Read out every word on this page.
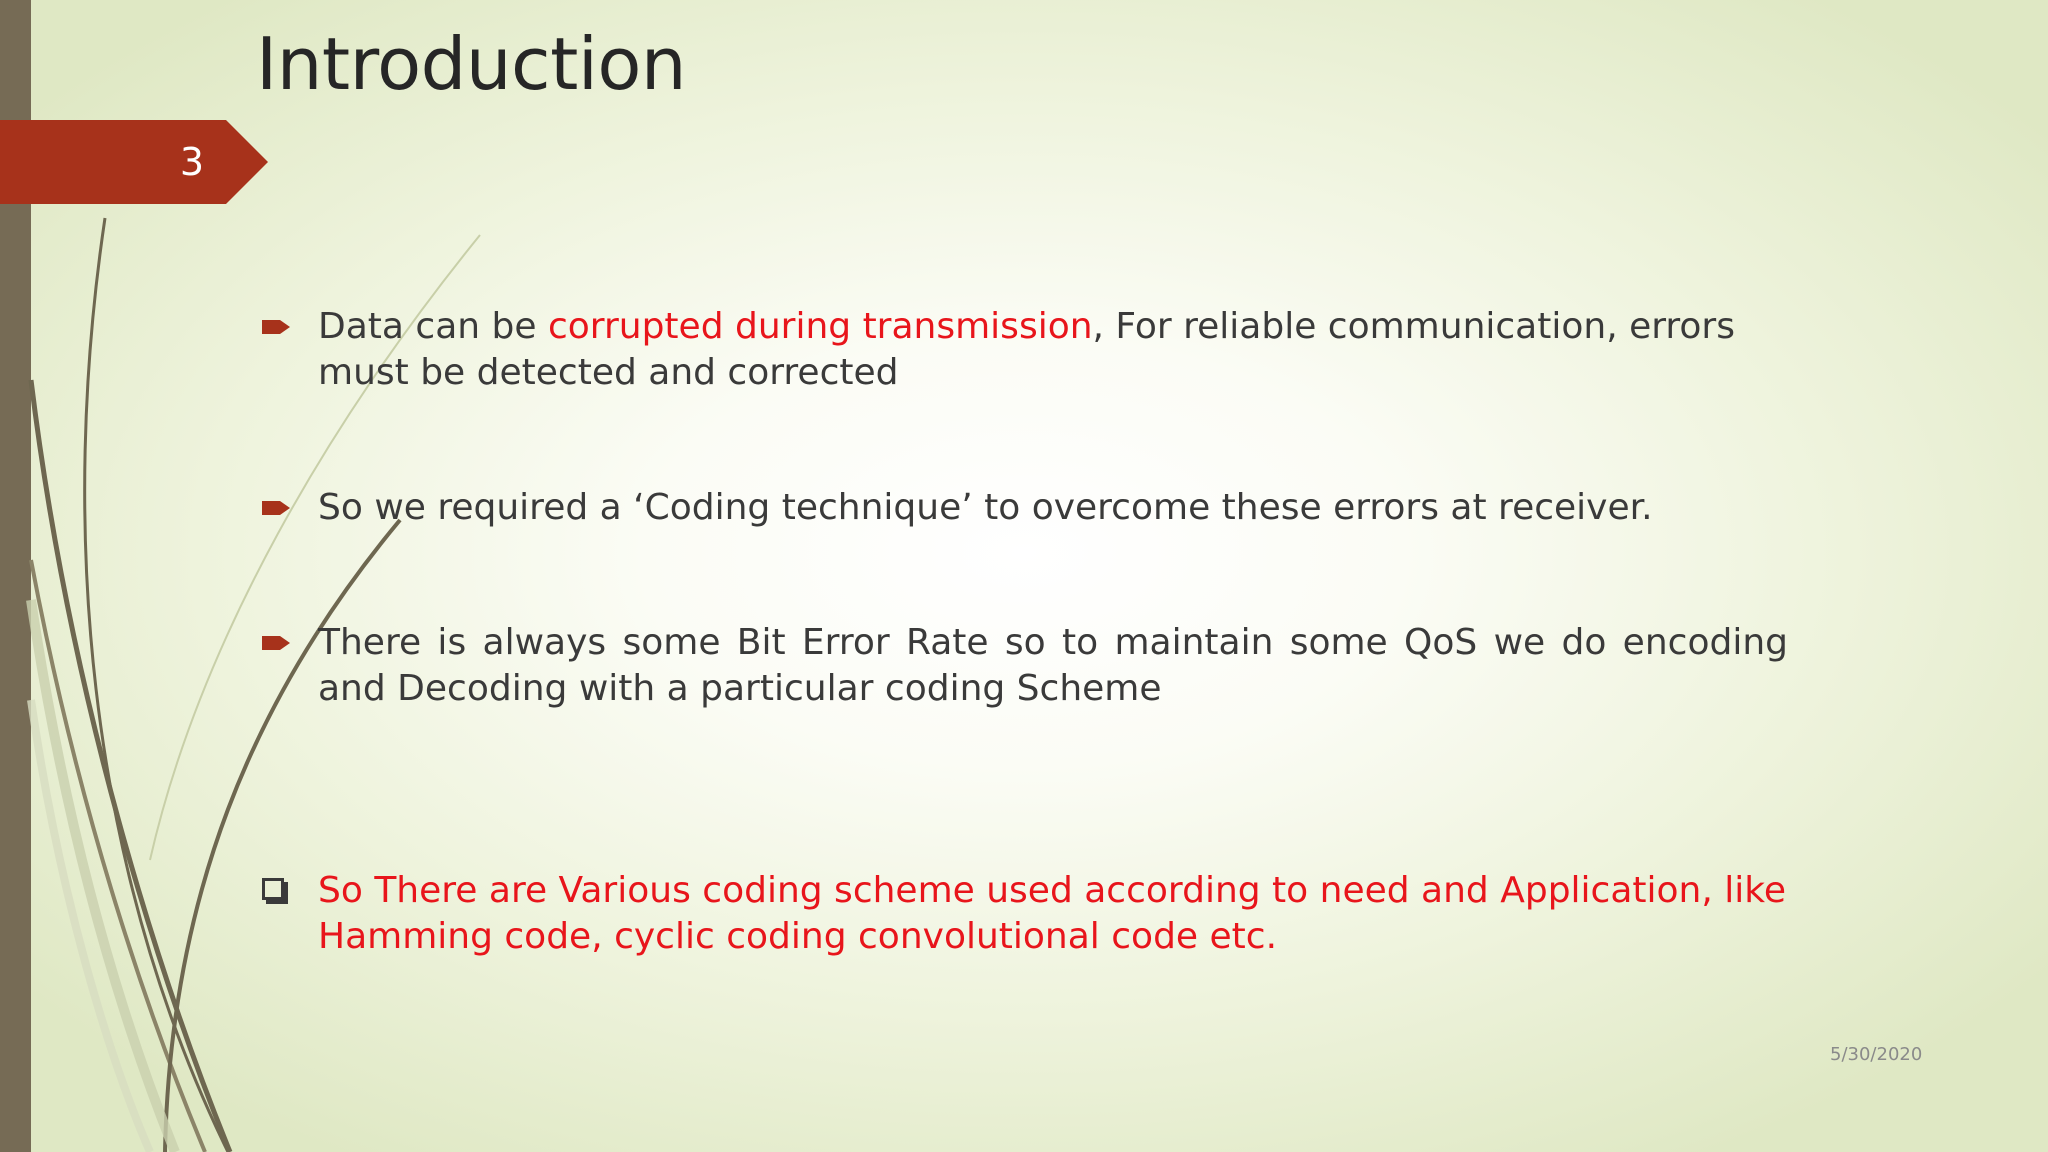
3
Introduction
Data can be corrupted during transmission, For reliable communication, errors must be detected and corrected
So we required a ‘Coding technique’ to overcome these errors at receiver.
There is always some Bit Error Rate so to maintain some QoS we do encoding and Decoding with a particular coding Scheme
So There are Various coding scheme used according to need and Application, like Hamming code, cyclic coding convolutional code etc.
5/30/2020
